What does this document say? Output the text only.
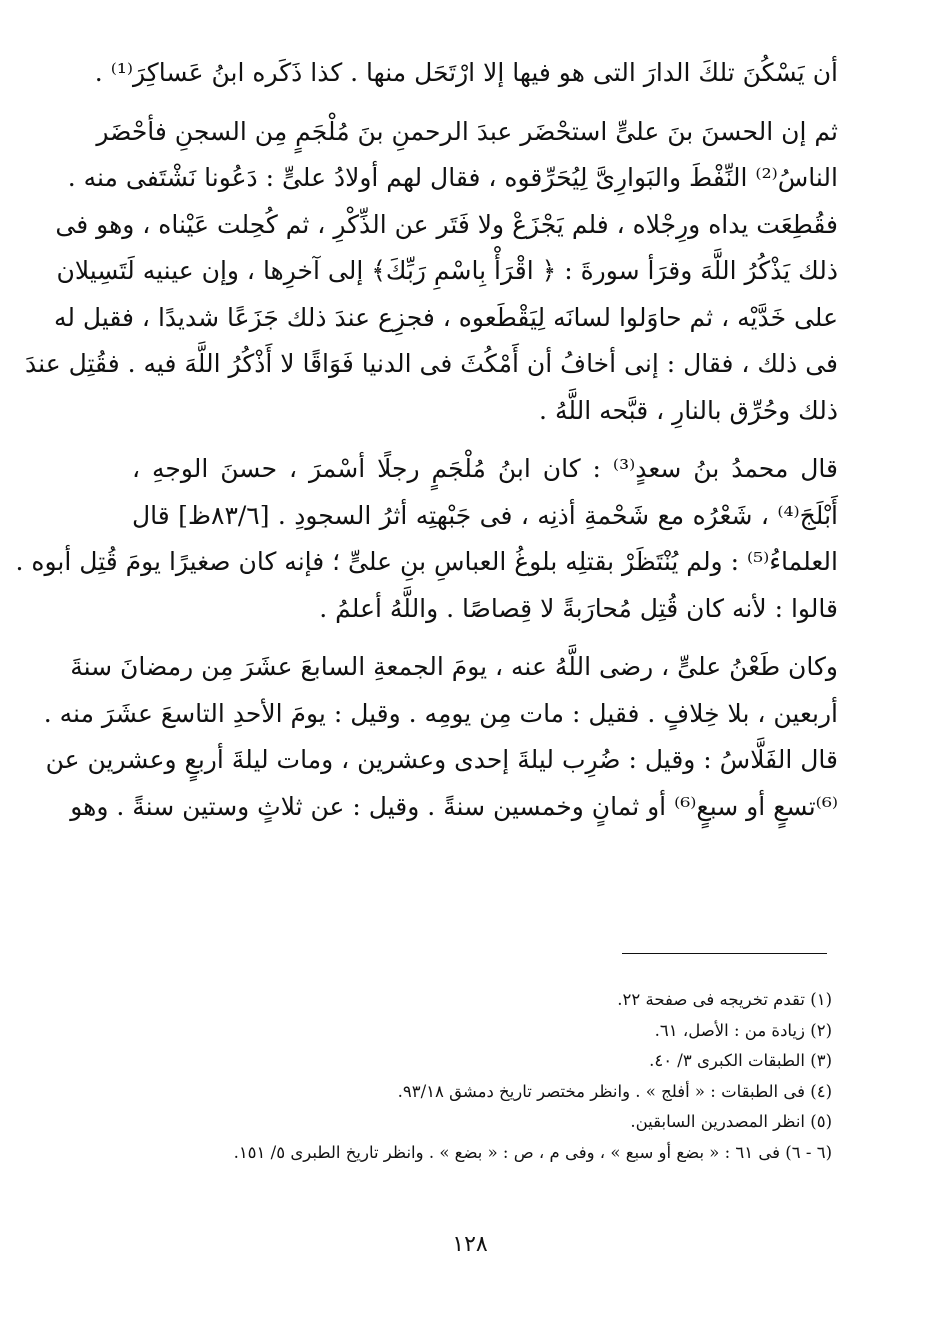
أن يَسْكُنَ تلكَ الدارَ التى هو فيها إلا ارْتَحَل منها . كذا ذَكَره ابنُ عَساكِرَ⁽¹⁾ .

ثم إن الحسنَ بنَ علىٍّ استحْضَر عبدَ الرحمنِ بنَ مُلْجَمٍ مِن السجنِ فأحْضَر
الناسُ⁽²⁾ النِّفْطَ والبَوارِىَّ لِيُحَرِّقوه ، فقال لهم أولادُ علىٍّ : دَعُونا نَشْتَفى منه .
فقُطِعَت يداه ورِجْلاه ، فلم يَجْزَعْ ولا فَتَر عن الذِّكْرِ ، ثم كُحِلت عَيْناه ، وهو فى
ذلك يَذْكُرُ اللَّهَ وقرَأ سورةَ : ﴿ اقْرَأْ بِاسْمِ رَبِّكَ﴾ إلى آخرِها ، وإن عينيه لَتَسِيلان
على خَدَّيْه ، ثم حاوَلوا لسانَه لِيَقْطَعوه ، فجزِع عندَ ذلك جَزَعًا شديدًا ، فقيل له
فى ذلك ، فقال : إنى أخافُ أن أَمْكُثَ فى الدنيا فَوَاقًا لا أَذْكُرُ اللَّهَ فيه . فقُتِل عندَ
ذلك وحُرِّق بالنارِ ، قبَّحه اللَّهُ .

قال محمدُ بنُ سعدٍ⁽³⁾ : كان ابنُ مُلْجَمٍ رجلًا أسْمرَ ، حسنَ الوجهِ ،
أَبْلَجَ⁽⁴⁾ ، شَعْرُه مع شَحْمةِ أذنِه ، فى جَبْهتِه أثرُ السجودِ . [٨٣/٦ظ] قال
العلماءُ⁽⁵⁾ : ولم يُنْتَظَرْ بقتلِه بلوغُ العباسِ بنِ علىٍّ ؛ فإنه كان صغيرًا يومَ قُتِل أبوه .
قالوا : لأنه كان قُتِل مُحارَبةً لا قِصاصًا . واللَّهُ أعلمُ .

وكان طَعْنُ علىٍّ ، رضى اللَّهُ عنه ، يومَ الجمعةِ السابعَ عشَرَ مِن رمضانَ سنةَ
أربعين ، بلا خِلافٍ . فقيل : مات مِن يومِه . وقيل : يومَ الأحدِ التاسعَ عشَرَ منه .
قال الفَلَّاسُ : وقيل : ضُرِب ليلةَ إحدى وعشرين ، ومات ليلةَ أربعٍ وعشرين عن
⁽⁶⁾تسعٍ أو سبعٍ⁽⁶⁾ أو ثمانٍ وخمسين سنةً . وقيل : عن ثلاثٍ وستين سنةً . وهو

(١) تقدم تخريجه فى صفحة ٢٢.
(٢) زيادة من : الأصل، ٦١.
(٣) الطبقات الكبرى ٣/ ٤٠.
(٤) فى الطبقات : « أفلج » . وانظر مختصر تاريخ دمشق ٩٣/١٨.
(٥) انظر المصدرين السابقين.
(٦ - ٦) فى ٦١ : « بضع أو سبع » ، وفى م ، ص : « بضع » . وانظر تاريخ الطبرى ٥/ ١٥١.
١٢٨
